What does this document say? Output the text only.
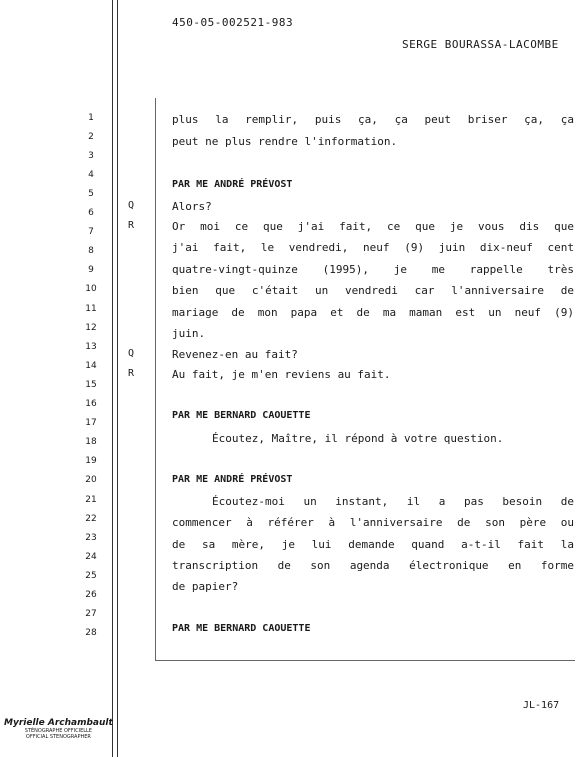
450-05-002521-983
SERGE BOURASSA-LACOMBE
1
2
3
4
5
6
7
8
9
10
11
12
13
14
15
16
17
18
19
20
21
22
23
24
25
26
27
28
Q
R
Q
R
plus la remplir, puis ça, ça peut briser ça, ça
peut ne plus rendre l'information.
PAR ME ANDRÉ PRÉVOST
Alors?
Or moi ce que j'ai fait, ce que je vous dis que
j'ai fait, le vendredi, neuf (9) juin dix-neuf cent
quatre-vingt-quinze (1995), je me rappelle très
bien que c'était un vendredi car l'anniversaire de
mariage de mon papa et de ma maman est un neuf (9)
juin.
Revenez-en au fait?
Au fait, je m'en reviens au fait.
PAR ME BERNARD CAOUETTE
Écoutez, Maître, il répond à votre question.
PAR ME ANDRÉ PRÉVOST
Écoutez-moi un instant, il a pas besoin de
commencer à référer à l'anniversaire de son père ou
de sa mère, je lui demande quand a-t-il fait la
transcription de son agenda électronique en forme
de papier?
PAR ME BERNARD CAOUETTE
JL-167
Myrielle Archambault
STÉNOGRAPHE OFFICIELLE
OFFICIAL STENOGRAPHER
